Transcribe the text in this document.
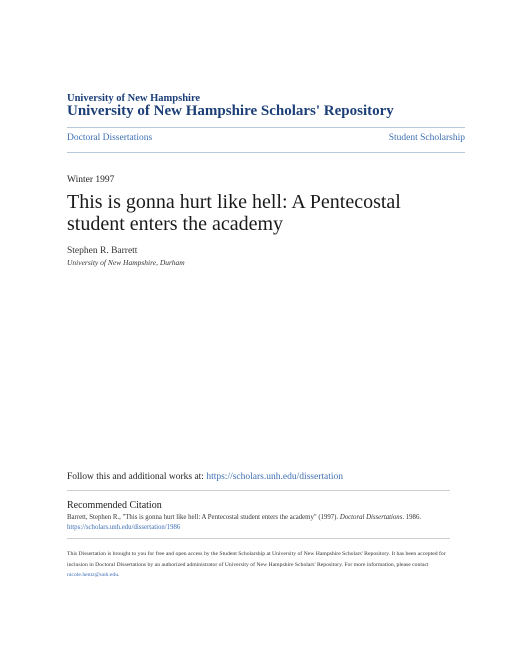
University of New Hampshire
University of New Hampshire Scholars' Repository
Doctoral Dissertations	Student Scholarship
Winter 1997
This is gonna hurt like hell: A Pentecostal student enters the academy
Stephen R. Barrett
University of New Hampshire, Durham
Follow this and additional works at: https://scholars.unh.edu/dissertation
Recommended Citation
Barrett, Stephen R., "This is gonna hurt like hell: A Pentecostal student enters the academy" (1997). Doctoral Dissertations. 1986.
https://scholars.unh.edu/dissertation/1986
This Dissertation is brought to you for free and open access by the Student Scholarship at University of New Hampshire Scholars' Repository. It has been accepted for inclusion in Doctoral Dissertations by an authorized administrator of University of New Hampshire Scholars' Repository. For more information, please contact nicole.hentz@unh.edu.
